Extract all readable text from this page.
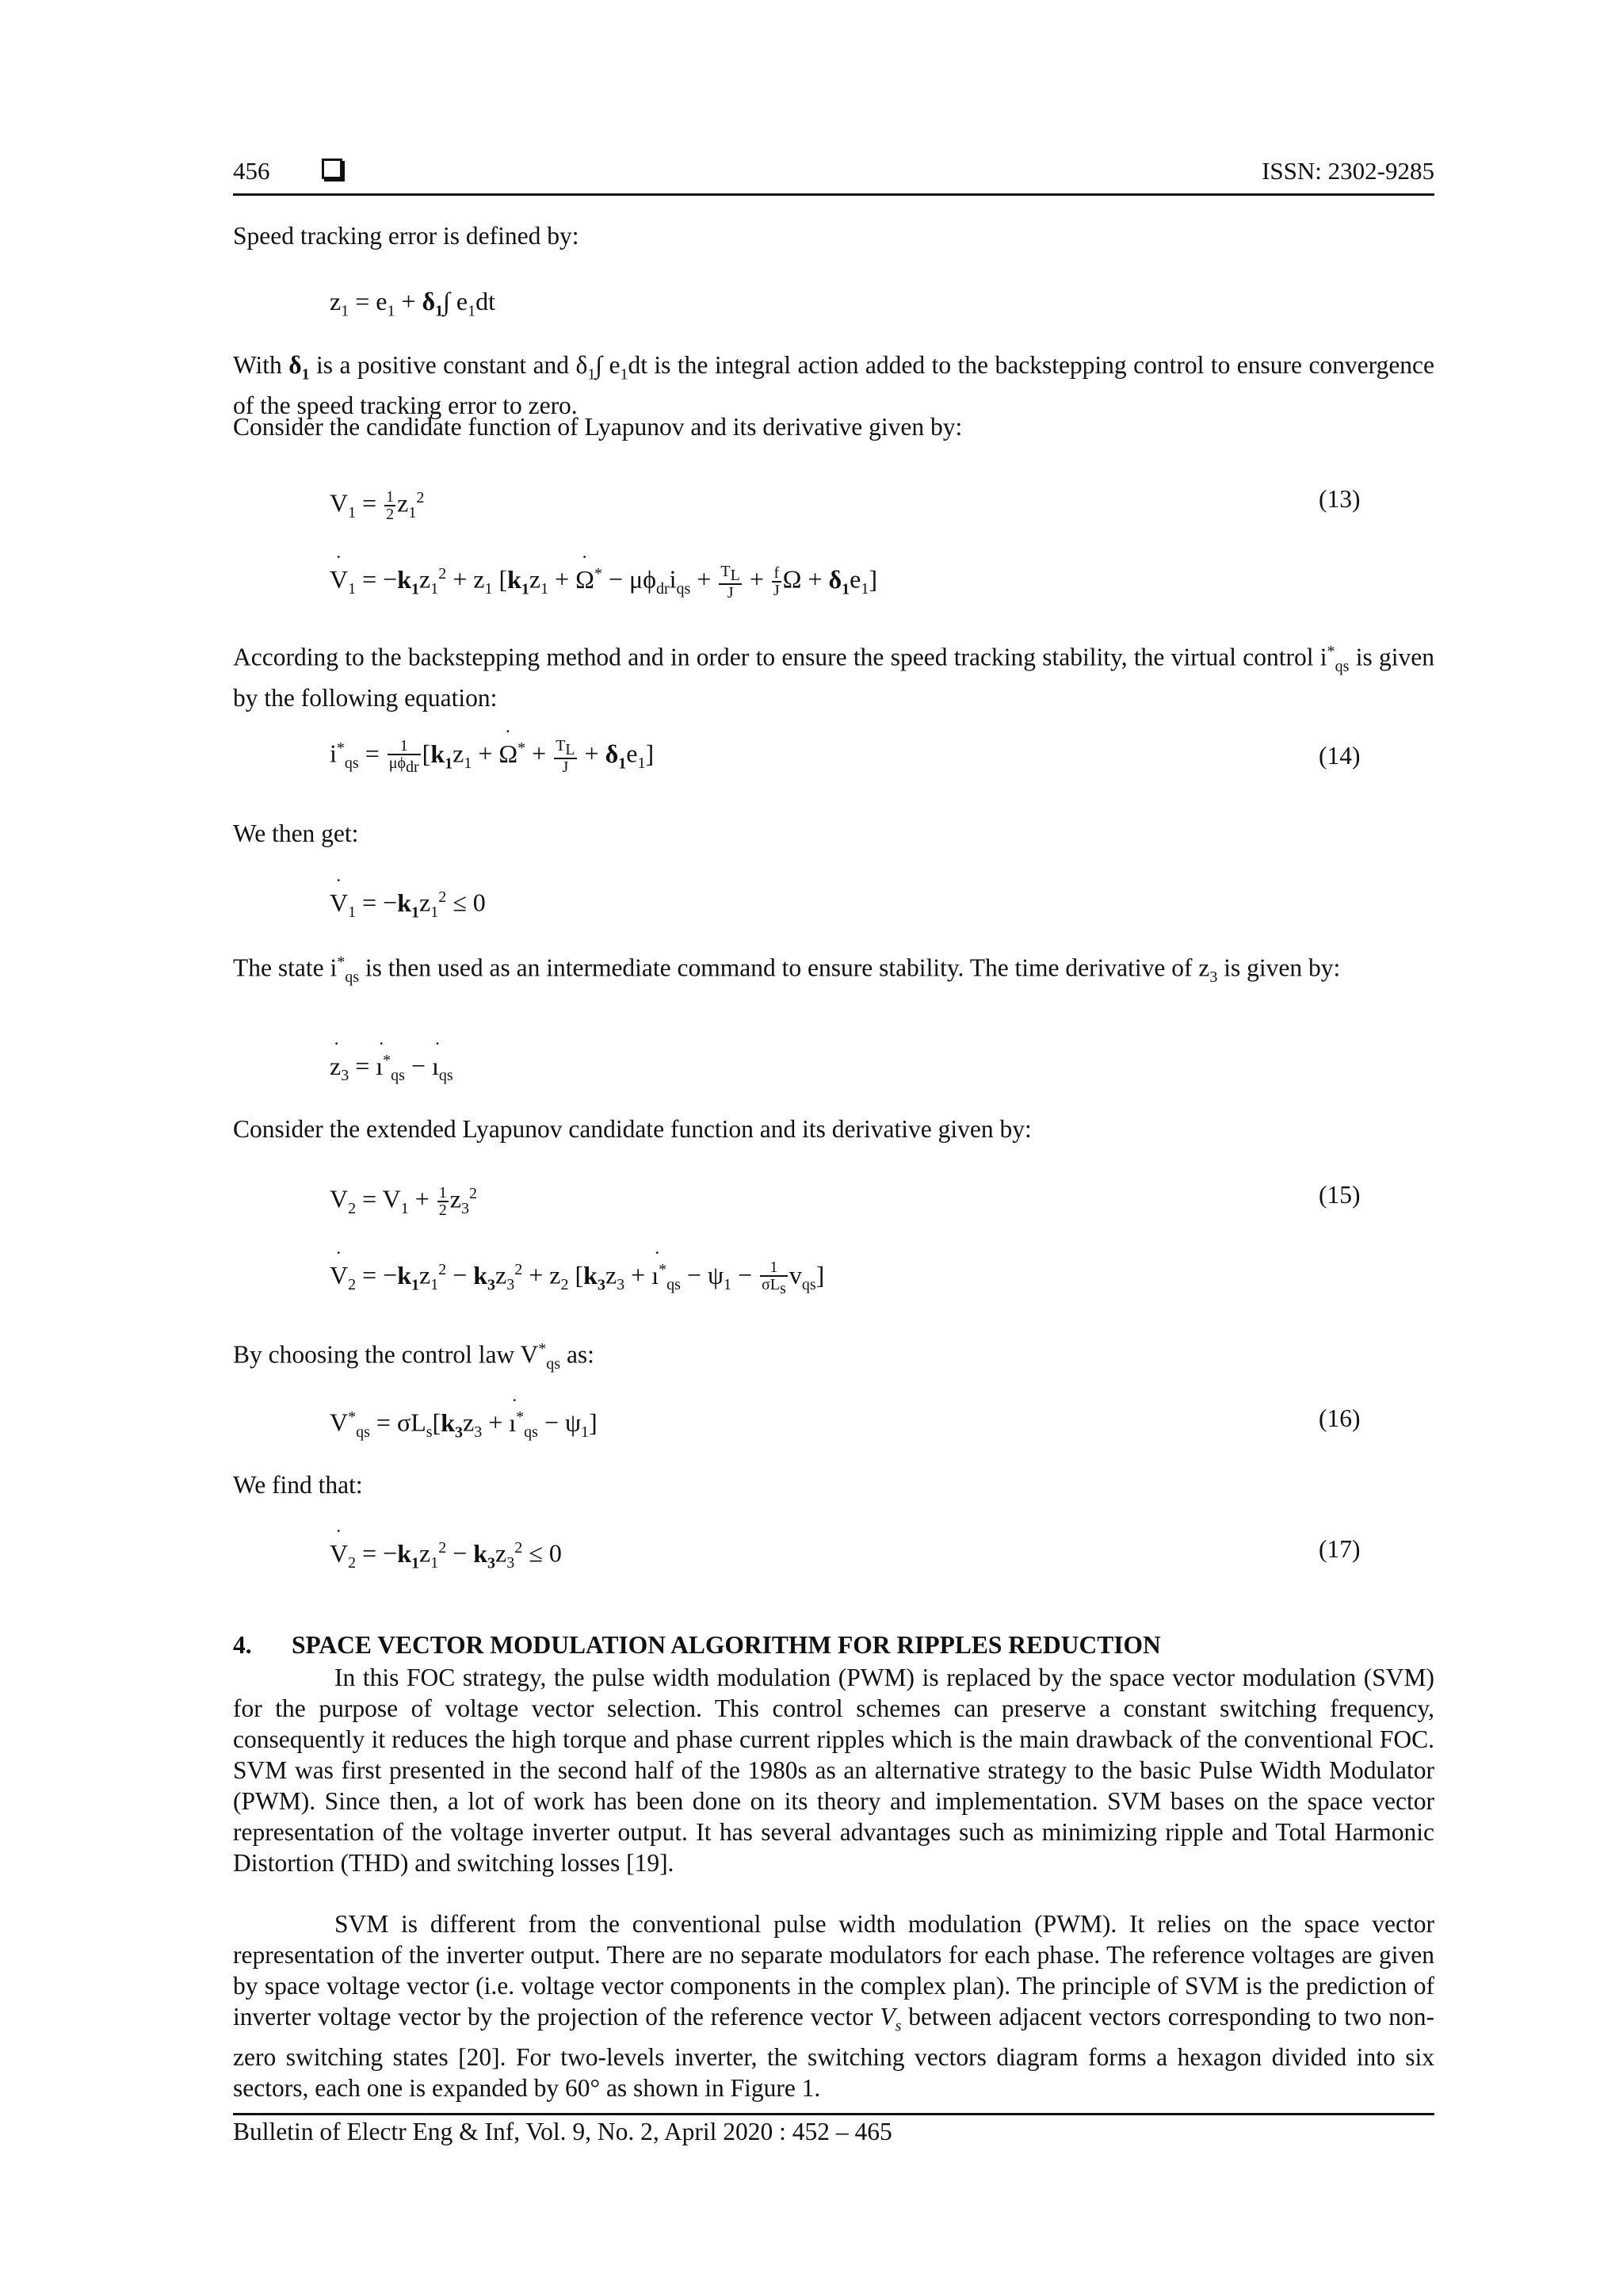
456	ISSN: 2302-9285

Speed tracking error is defined by:

$z_1 = e_1 + \delta_1\int$ $e_1dt$

With $\delta_1$ is a positive constant and $\delta_1\int$ $e_1dt$ is the integral action added to the backstepping control to ensure convergence of the speed tracking error to zero.

Consider the candidate function of Lyapunov and its derivative given by:

$V_1 = \frac{1}{2} z_1^2$	(13)
V $˙_1 = -k_1z_1^2 + z_1$ [$k_1z_1 + \Omega$ ˙* − $\mu\phi_{dr}i_{qs} + \frac{T_L}{J} + \frac{f}{J}$ $\Omega + \delta_1e_1$]

According to the backstepping method and in order to ensure the speed tracking stability, the virtual control $i^*_{qs}$ is given by the following equation:

$i^*_{qs} = \frac{1}{\mu\phi_{dr}} [k_1z_1 + \Omega$ ˙* + $\frac{T_L}{J} + \delta_1e_1$]	(14)

We then get:

V $˙_1 = -k_1z_1^2 \le 0$

The state $i^*_{qs}$ is then used as an intermediate command to ensure stability. The time derivative of $z_3$ is given by:

z $˙_3$ = ı $˙^*_{qs}$ − ı $˙_{qs}$

Consider the extended Lyapunov candidate function and its derivative given by:

$V_2 = V_1 + \frac{1}{2} z_3^2$	(15)
V $˙_2 = -k_1z_1^2 - k_3z_3^2 + z_2$ [$k_3z_3$ + ı $˙^*_{qs} - \psi_1 - \frac{1}{\sigma L_s} v_{qs}$]

By choosing the control law $V^*_{qs}$ as:

$V^*_{qs} = \sigma L_s[k_3z_3$ + ı $˙^*_{qs} - \psi_1$]	(16)

We find that:

V $˙_2 = -k_1z_1^2 - k_3z_3^2 \le 0$	(17)
4. SPACE VECTOR MODULATION ALGORITHM FOR RIPPLES REDUCTION

In this FOC strategy, the pulse width modulation (PWM) is replaced by the space vector modulation (SVM) for the purpose of voltage vector selection. This control schemes can preserve a constant switching frequency, consequently it reduces the high torque and phase current ripples which is the main drawback of the conventional FOC. SVM was first presented in the second half of the 1980s as an alternative strategy to the basic Pulse Width Modulator (PWM). Since then, a lot of work has been done on its theory and implementation. SVM bases on the space vector representation of the voltage inverter output. It has several advantages such as minimizing ripple and Total Harmonic Distortion (THD) and switching losses [19].

SVM is different from the conventional pulse width modulation (PWM). It relies on the space vector representation of the inverter output. There are no separate modulators for each phase. The reference voltages are given by space voltage vector (i.e. voltage vector components in the complex plan). The principle of SVM is the prediction of inverter voltage vector by the projection of the reference vector $V_s$ between adjacent vectors corresponding to two non-zero switching states [20]. For two-levels inverter, the switching vectors diagram forms a hexagon divided into six sectors, each one is expanded by 60° as shown in Figure 1.

Bulletin of Electr Eng & Inf, Vol. 9, No. 2, April 2020 : 452 – 465
